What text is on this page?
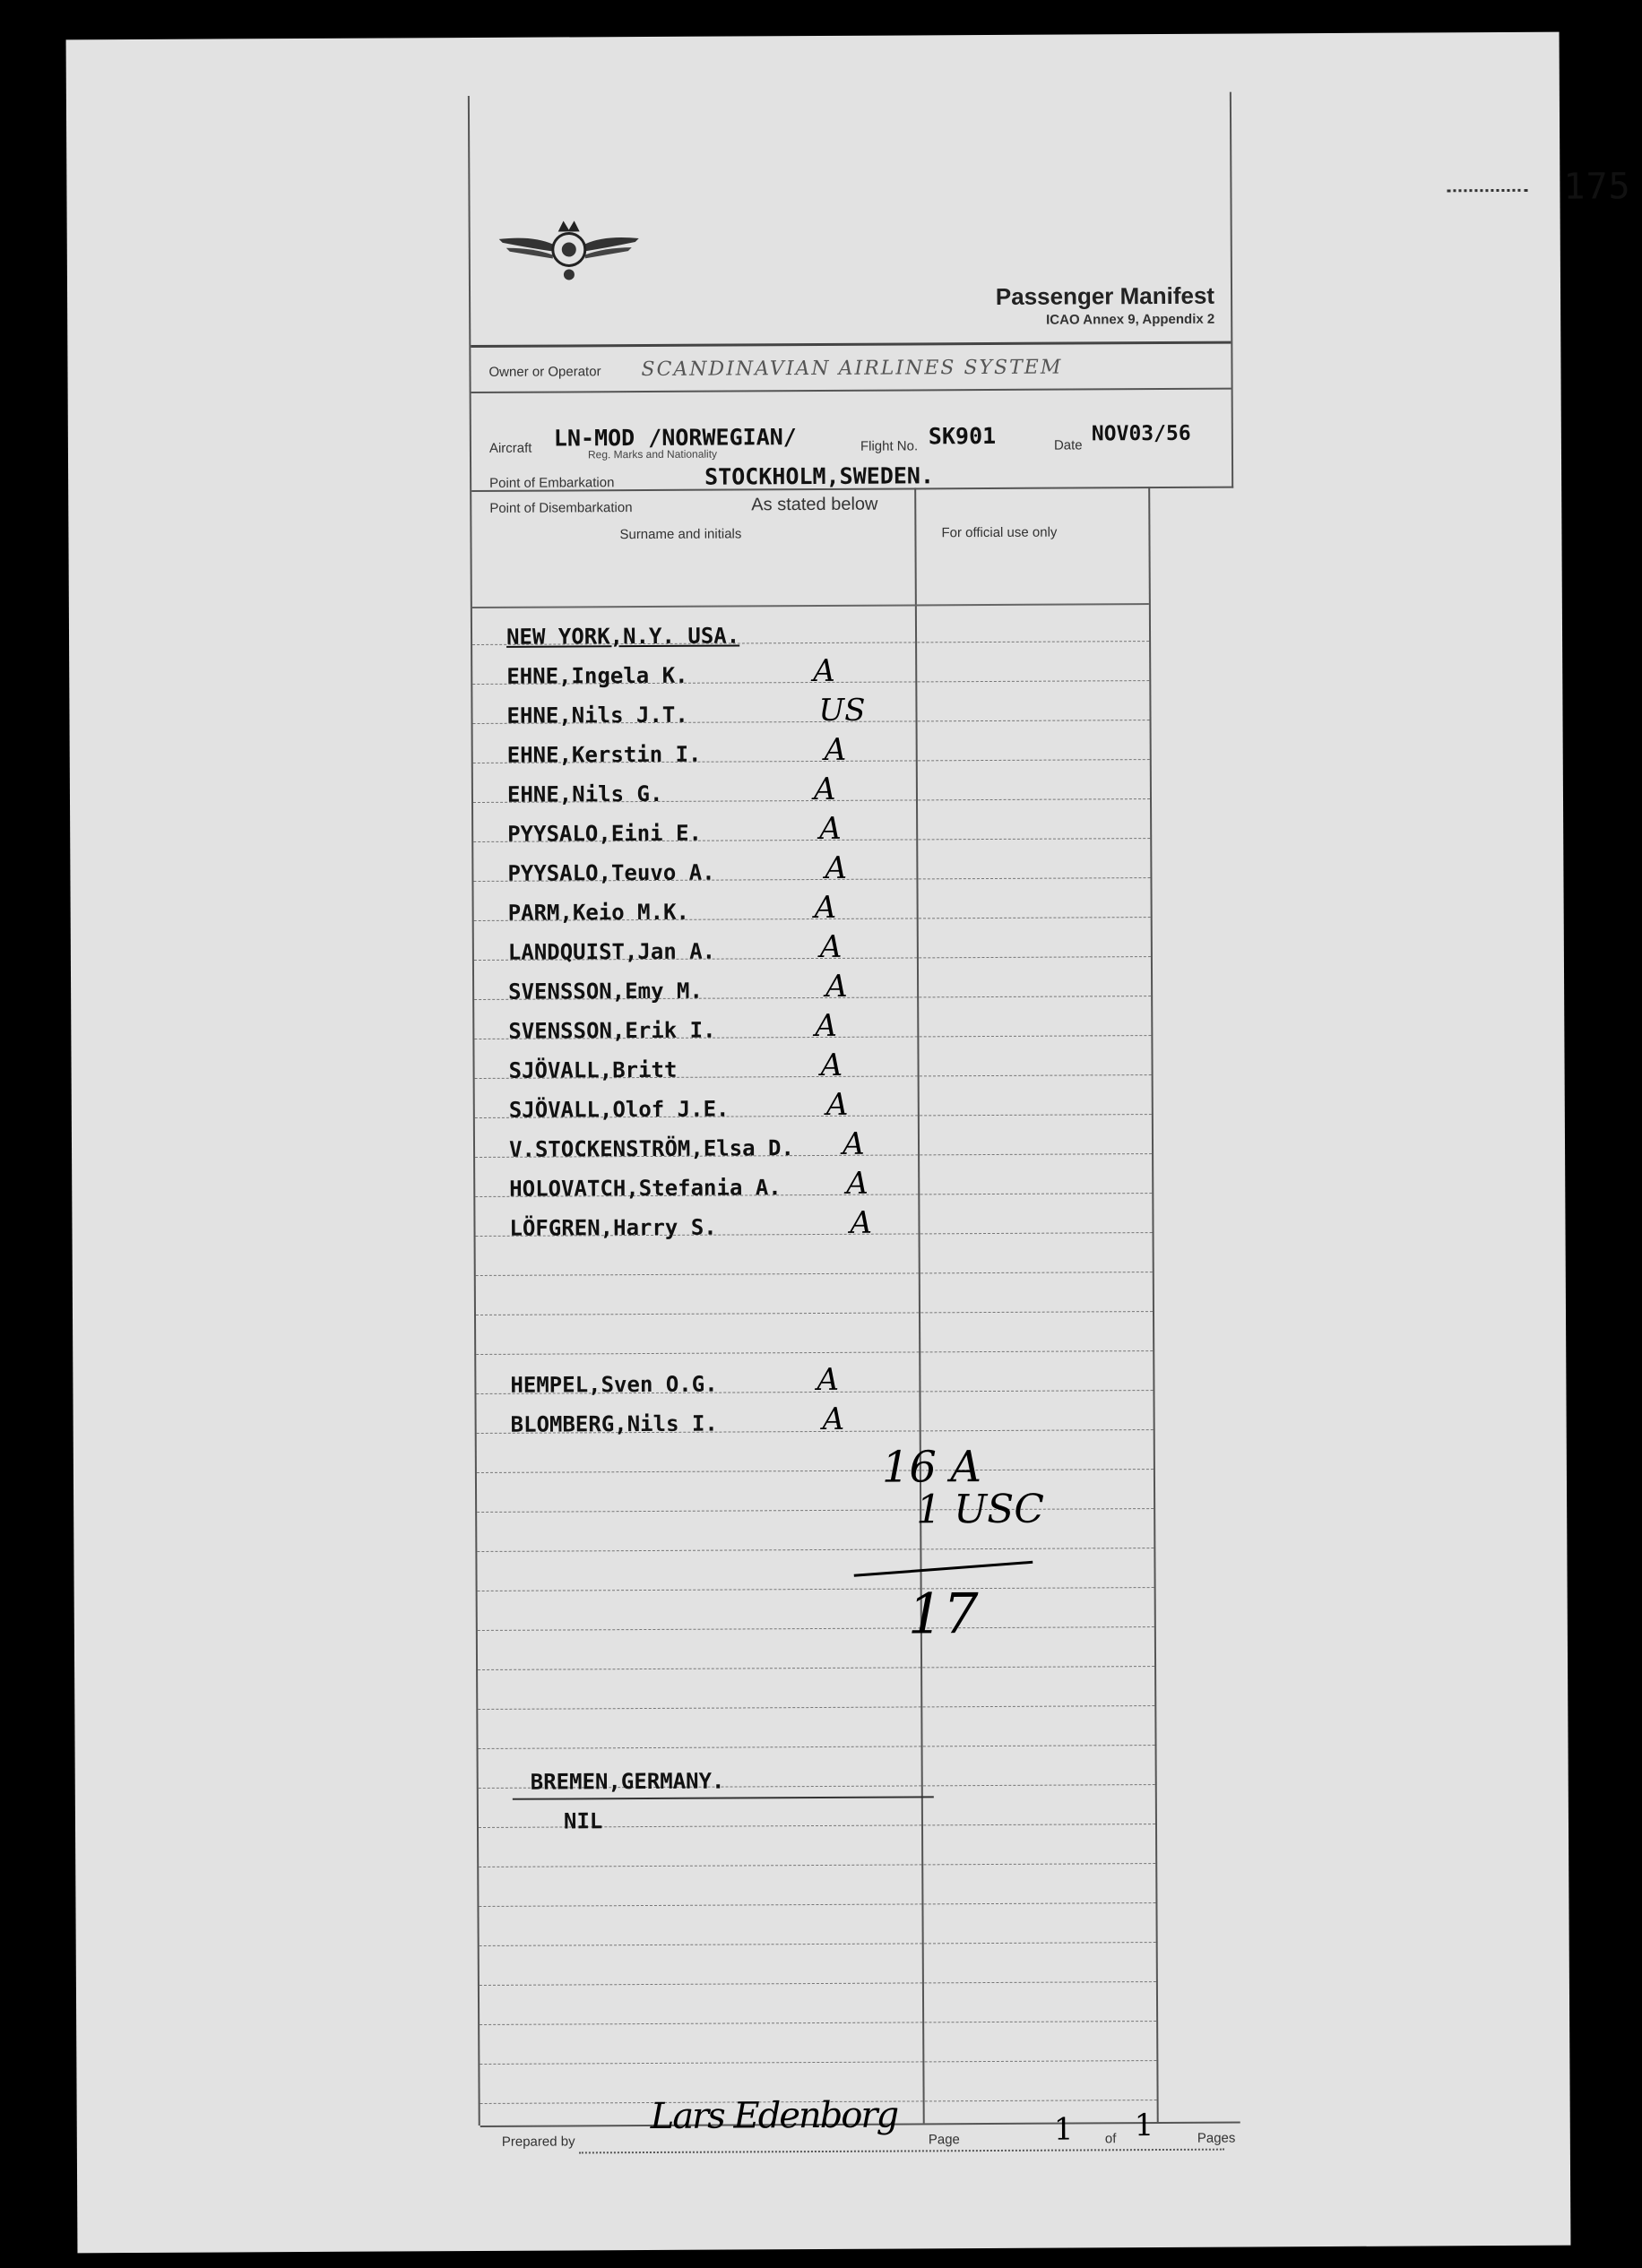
175
Passenger Manifest
ICAO Annex 9, Appendix 2
Owner or Operator SCANDINAVIAN AIRLINES SYSTEM
Aircraft LN-MOD /NORWEGIAN/
Reg. Marks and Nationality
Flight No. SK901	Date NOV03/56
Point of Embarkation	STOCKHOLM,SWEDEN.
Point of Disembarkation	As stated below
Surname and initials	For official use only
NEW YORK,N.Y. USA.
EHNE,Ingela K.	A
EHNE,Nils J.T.	US
EHNE,Kerstin I.	A
EHNE,Nils G.	A
PYYSALO,Eini E.	A
PYYSALO,Teuvo A.	A
PARM,Keio M.K.	A
LANDQUIST,Jan A.	A
SVENSSON,Emy M.	A
SVENSSON,Erik I.	A
SJÖVALL,Britt	A
SJÖVALL,Olof J.E.	A
V.STOCKENSTRÖM,Elsa D. A
HOLOVATCH,Stefania A. A
LÖFGREN,Harry S.	A
HEMPEL,Sven O.G.	A
BLOMBERG,Nils I.	A
16 A
1 USC
17
BREMEN,GERMANY.
NIL
Prepared by
Lars Edenborg
Page	1 of 1	Pages
